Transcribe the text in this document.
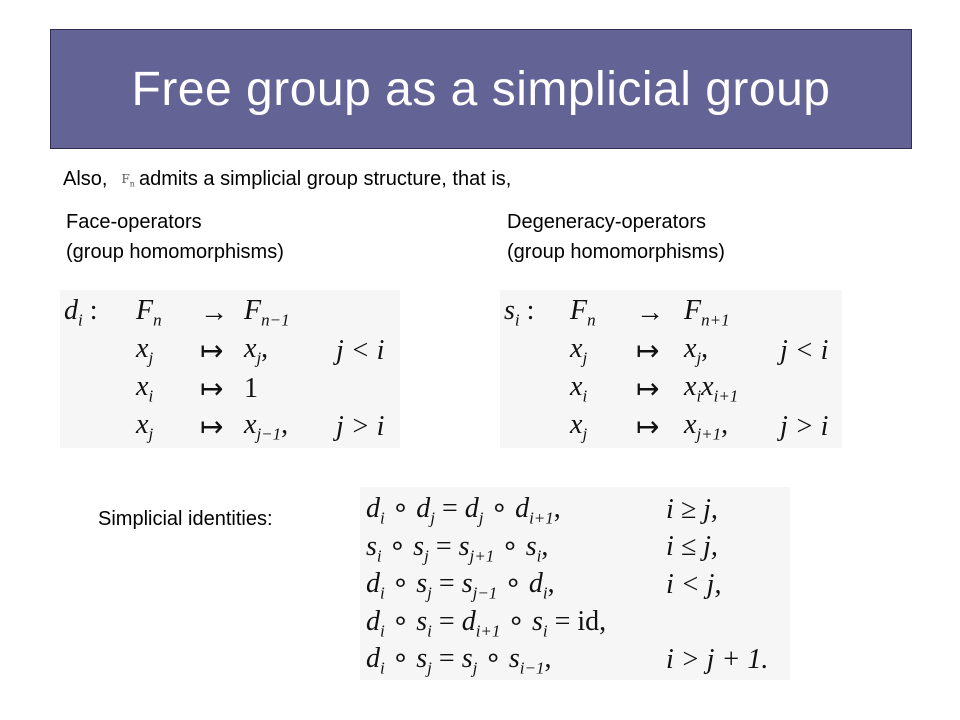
Free group as a simplicial group
Also, $F_n$ admits a simplicial group structure, that is,
Face-operators
(group homomorphisms)
Degeneracy-operators
(group homomorphisms)
$d_i$ :	$F_n$	→	$F_{n-1}$	
	$x_j$	↦	$x_j$,	j < i
	$x_i$	↦	1	
	$x_j$	↦	$x_{j-1}$,	j > i
$s_i$ :	$F_n$	→	$F_{n+1}$	
	$x_j$	↦	$x_j$,	j < i
	$x_i$	↦	$x_ix_{i+1}$	
	$x_j$	↦	$x_{j+1}$,	j > i
Simplicial identities:	$d_i$ ∘ $d_j = d_j$ ∘ $d_{i+1}$,	i ≥ j,
$s_i$ ∘ $s_j = s_{j+1}$ ∘ $s_i$,	i ≤ j,
$d_i$ ∘ $s_j = s_{j-1}$ ∘ $d_i$,	i < j,
$d_i$ ∘ $s_i = d_{i+1}$ ∘ $s_i$ = id,	
$d_i$ ∘ $s_j = s_j$ ∘ $s_{i-1}$,	i > j + 1.
